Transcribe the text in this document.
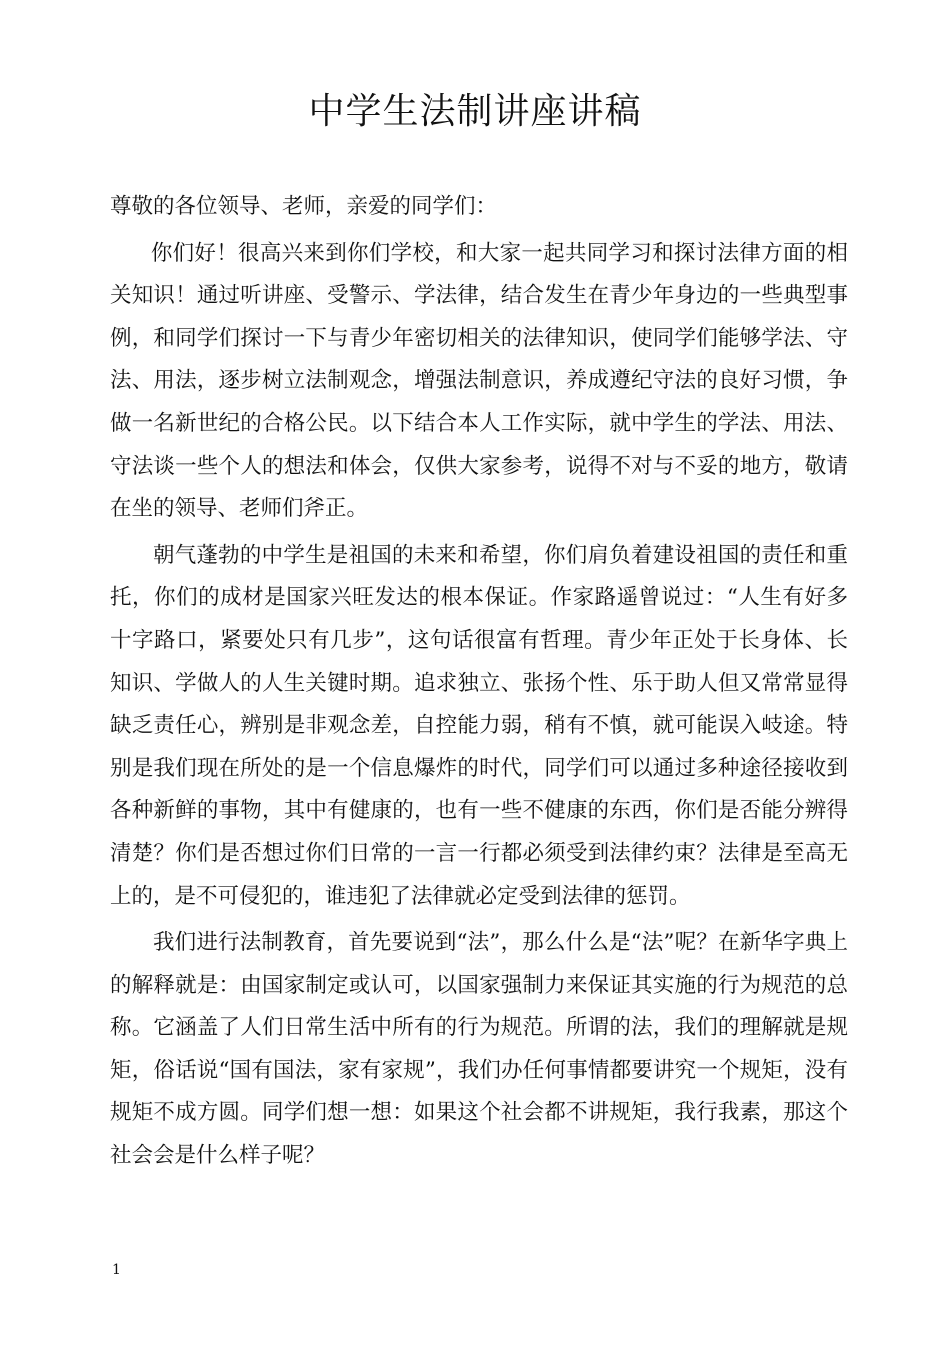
中学生法制讲座讲稿

尊敬的各位领导、老师，亲爱的同学们：

你们好！很高兴来到你们学校，和大家一起共同学习和探讨法律方面的相关知识！通过听讲座、受警示、学法律，结合发生在青少年身边的一些典型事例，和同学们探讨一下与青少年密切相关的法律知识，使同学们能够学法、守法、用法，逐步树立法制观念，增强法制意识，养成遵纪守法的良好习惯，争做一名新世纪的合格公民。以下结合本人工作实际，就中学生的学法、用法、守法谈一些个人的想法和体会，仅供大家参考，说得不对与不妥的地方，敬请在坐的领导、老师们斧正。

朝气蓬勃的中学生是祖国的未来和希望，你们肩负着建设祖国的责任和重托，你们的成材是国家兴旺发达的根本保证。作家路遥曾说过：“人生有好多十字路口，紧要处只有几步”，这句话很富有哲理。青少年正处于长身体、长知识、学做人的人生关键时期。追求独立、张扬个性、乐于助人但又常常显得缺乏责任心，辨别是非观念差，自控能力弱，稍有不慎，就可能误入岐途。特别是我们现在所处的是一个信息爆炸的时代，同学们可以通过多种途径接收到各种新鲜的事物，其中有健康的，也有一些不健康的东西，你们是否能分辨得清楚？你们是否想过你们日常的一言一行都必须受到法律约束？法律是至高无上的，是不可侵犯的，谁违犯了法律就必定受到法律的惩罚。

我们进行法制教育，首先要说到“法”，那么什么是“法”呢？在新华字典上的解释就是：由国家制定或认可，以国家强制力来保证其实施的行为规范的总称。它涵盖了人们日常生活中所有的行为规范。所谓的法，我们的理解就是规矩，俗话说“国有国法，家有家规”，我们办任何事情都要讲究一个规矩，没有规矩不成方圆。同学们想一想：如果这个社会都不讲规矩，我行我素，那这个社会会是什么样子呢？

1
